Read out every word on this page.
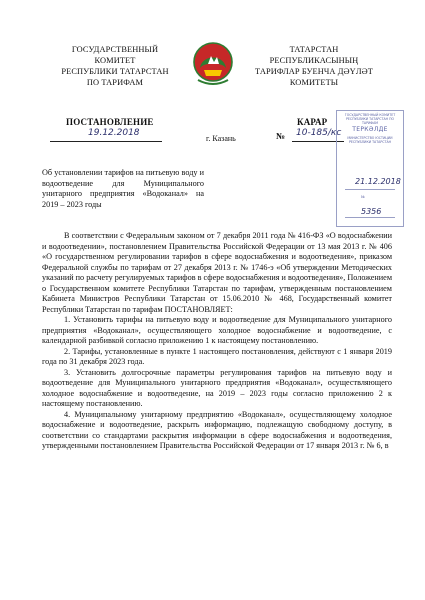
ГОСУДАРСТВЕННЫЙ
КОМИТЕТ
РЕСПУБЛИКИ ТАТАРСТАН
ПО ТАРИФАМ
ТАТАРСТАН
РЕСПУБЛИКАСЫНЫҢ
ТАРИФЛАР БУЕНЧА ДӘҮЛӘТ
КОМИТЕТЫ
ПОСТАНОВЛЕНИЕ	КАРАР
19.12.2018
г. Казань	№ 10-185/кс
ГОСУДАРСТВЕННЫЙ КОМИТЕТ РЕСПУБЛИКИ ТАТАРСТАН ПО ТАРИФАМ
ТЕРКӘЛДЕ
МИНИСТЕРСТВО ЮСТИЦИИ РЕСПУБЛИКИ ТАТАРСТАН
21.12.2018
№
5356
Об установлении тарифов на питьевую воду и водоотведение для Муниципального унитарного предприятия «Водоканал» на 2019 – 2023 годы

В соответствии с Федеральным законом от 7 декабря 2011 года № 416-ФЗ «О водоснабжении и водоотведении», постановлением Правительства Российской Федерации от 13 мая 2013 г. № 406 «О государственном регулировании тарифов в сфере водоснабжения и водоотведения», приказом Федеральной службы по тарифам от 27 декабря 2013 г. № 1746-э «Об утверждении Методических указаний по расчету регулируемых тарифов в сфере водоснабжения и водоотведения», Положением о Государственном комитете Республики Татарстан по тарифам, утвержденным постановлением Кабинета Министров Республики Татарстан от 15.06.2010 № 468, Государственный комитет Республики Татарстан по тарифам ПОСТАНОВЛЯЕТ:

1. Установить тарифы на питьевую воду и водоотведение для Муниципального унитарного предприятия «Водоканал», осуществляющего холодное водоснабжение и водоотведение, с календарной разбивкой согласно приложению 1 к настоящему постановлению.

2. Тарифы, установленные в пункте 1 настоящего постановления, действуют с 1 января 2019 года по 31 декабря 2023 года.

3. Установить долгосрочные параметры регулирования тарифов на питьевую воду и водоотведение для Муниципального унитарного предприятия «Водоканал», осуществляющего холодное водоснабжение и водоотведение, на 2019 – 2023 годы согласно приложению 2 к настоящему постановлению.

4. Муниципальному унитарному предприятию «Водоканал», осуществляющему холодное водоснабжение и водоотведение, раскрыть информацию, подлежащую свободному доступу, в соответствии со стандартами раскрытия информации в сфере водоснабжения и водоотведения, утвержденными постановлением Правительства Российской Федерации от 17 января 2013 г. № 6, в
